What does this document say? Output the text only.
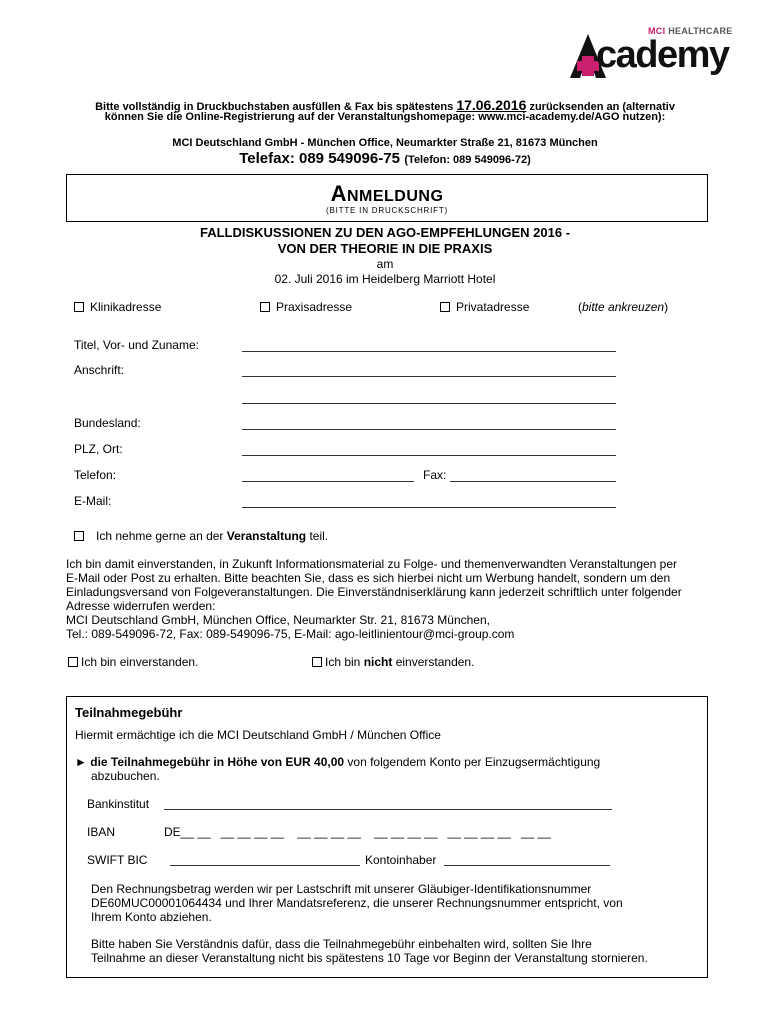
MCI HEALTHCARE
cademy
Bitte vollständig in Druckbuchstaben ausfüllen & Fax bis spätestens 17.06.2016 zurücksenden an (alternativ
können Sie die Online-Registrierung auf der Veranstaltungshomepage: www.mci-academy.de/AGO nutzen):
MCI Deutschland GmbH - München Office, Neumarkter Straße 21, 81673 München
Telefax: 089 549096-75 (Telefon: 089 549096-72)
ANMELDUNG
(BITTE IN DRUCKSCHRIFT)
FALLDISKUSSIONEN ZU DEN AGO-EMPFEHLUNGEN 2016 -
VON DER THEORIE IN DIE PRAXIS
am
02. Juli 2016 im Heidelberg Marriott Hotel
Klinikadresse	Praxisadresse	Privatadresse	(bitte ankreuzen)
Titel, Vor- und Zuname:
Anschrift:
Bundesland:
PLZ, Ort:
Telefon:	Fax:
E-Mail:
Ich nehme gerne an der Veranstaltung teil.
Ich bin damit einverstanden, in Zukunft Informationsmaterial zu Folge- und themenverwandten Veranstaltungen per
E-Mail oder Post zu erhalten. Bitte beachten Sie, dass es sich hierbei nicht um Werbung handelt, sondern um den
Einladungsversand von Folgeveranstaltungen. Die Einverständniserklärung kann jederzeit schriftlich unter folgender
Adresse widerrufen werden:
MCI Deutschland GmbH, München Office, Neumarkter Str. 21, 81673 München,
Tel.: 089-549096-72, Fax: 089-549096-75, E-Mail: ago-leitlinientour@mci-group.com
Ich bin einverstanden.	Ich bin nicht einverstanden.
Teilnahmegebühr
Hiermit ermächtige ich die MCI Deutschland GmbH / München Office
► die Teilnahmegebühr in Höhe von EUR 40,00 von folgendem Konto per Einzugsermächtigung
abzubuchen.
Bankinstitut
IBAN	DE__ __   __ __ __ __    __ __ __ __    __ __ __ __   __ __ __ __   __ __
SWIFT BIC	Kontoinhaber
Den Rechnungsbetrag werden wir per Lastschrift mit unserer Gläubiger-Identifikationsnummer
DE60MUC00001064434 und Ihrer Mandatsreferenz, die unserer Rechnungsnummer entspricht, von
Ihrem Konto abziehen.
Bitte haben Sie Verständnis dafür, dass die Teilnahmegebühr einbehalten wird, sollten Sie Ihre
Teilnahme an dieser Veranstaltung nicht bis spätestens 10 Tage vor Beginn der Veranstaltung stornieren.
